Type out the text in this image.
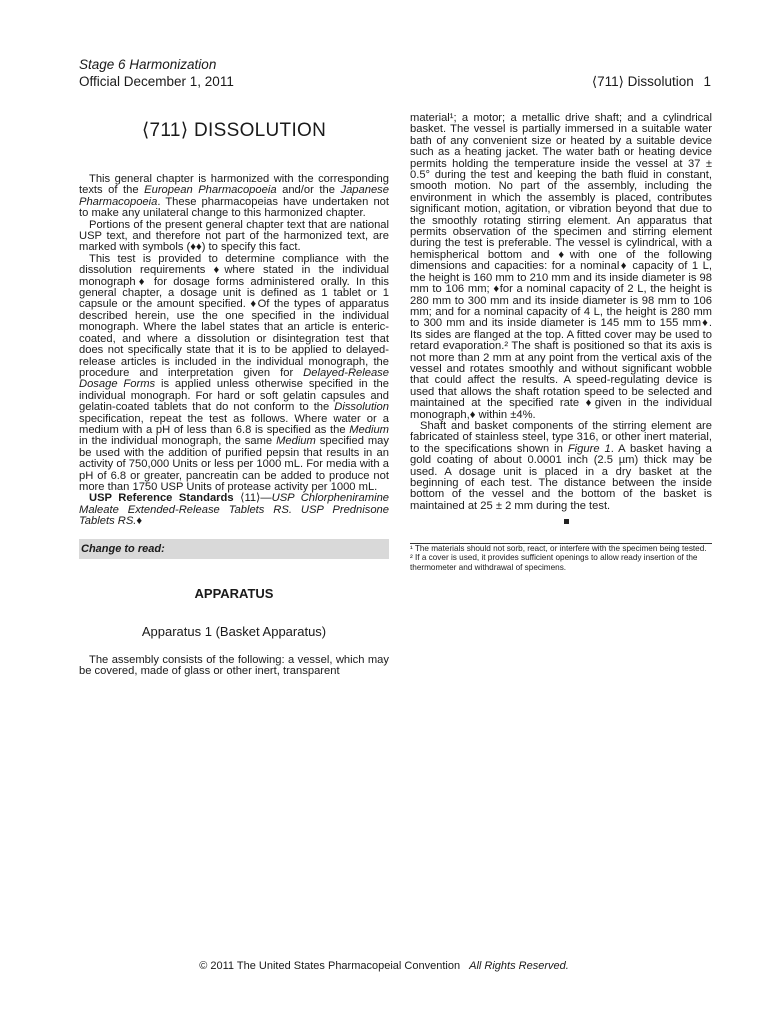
Stage 6 Harmonization
Official December 1, 2011	⟨711⟩ Dissolution 1
⟨711⟩ DISSOLUTION

This general chapter is harmonized with the corresponding texts of the European Pharmacopoeia and/or the Japanese Pharmacopoeia. These pharmacopeias have undertaken not to make any unilateral change to this harmonized chapter.

Portions of the present general chapter text that are national USP text, and therefore not part of the harmonized text, are marked with symbols (♦♦) to specify this fact.

This test is provided to determine compliance with the dissolution requirements ♦where stated in the individual monograph♦ for dosage forms administered orally. In this general chapter, a dosage unit is defined as 1 tablet or 1 capsule or the amount specified. ♦Of the types of apparatus described herein, use the one specified in the individual monograph. Where the label states that an article is enteric-coated, and where a dissolution or disintegration test that does not specifically state that it is to be applied to delayed-release articles is included in the individual monograph, the procedure and interpretation given for Delayed-Release Dosage Forms is applied unless otherwise specified in the individual monograph. For hard or soft gelatin capsules and gelatin-coated tablets that do not conform to the Dissolution specification, repeat the test as follows. Where water or a medium with a pH of less than 6.8 is specified as the Medium in the individual monograph, the same Medium specified may be used with the addition of purified pepsin that results in an activity of 750,000 Units or less per 1000 mL. For media with a pH of 6.8 or greater, pancreatin can be added to produce not more than 1750 USP Units of protease activity per 1000 mL.

USP Reference Standards ⟨11⟩—USP Chlorpheniramine Maleate Extended-Release Tablets RS. USP Prednisone Tablets RS.♦

Change to read:
APPARATUS
Apparatus 1 (Basket Apparatus)

The assembly consists of the following: a vessel, which may be covered, made of glass or other inert, transparent

material¹; a motor; a metallic drive shaft; and a cylindrical basket. The vessel is partially immersed in a suitable water bath of any convenient size or heated by a suitable device such as a heating jacket. The water bath or heating device permits holding the temperature inside the vessel at 37 ± 0.5° during the test and keeping the bath fluid in constant, smooth motion. No part of the assembly, including the environment in which the assembly is placed, contributes significant motion, agitation, or vibration beyond that due to the smoothly rotating stirring element. An apparatus that permits observation of the specimen and stirring element during the test is preferable. The vessel is cylindrical, with a hemispherical bottom and ♦with one of the following dimensions and capacities: for a nominal♦ capacity of 1 L, the height is 160 mm to 210 mm and its inside diameter is 98 mm to 106 mm; ♦for a nominal capacity of 2 L, the height is 280 mm to 300 mm and its inside diameter is 98 mm to 106 mm; and for a nominal capacity of 4 L, the height is 280 mm to 300 mm and its inside diameter is 145 mm to 155 mm♦. Its sides are flanged at the top. A fitted cover may be used to retard evaporation.² The shaft is positioned so that its axis is not more than 2 mm at any point from the vertical axis of the vessel and rotates smoothly and without significant wobble that could affect the results. A speed-regulating device is used that allows the shaft rotation speed to be selected and maintained at the specified rate ♦given in the individual monograph,♦ within ±4%.

Shaft and basket components of the stirring element are fabricated of stainless steel, type 316, or other inert material, to the specifications shown in Figure 1. A basket having a gold coating of about 0.0001 inch (2.5 µm) thick may be used. A dosage unit is placed in a dry basket at the beginning of each test. The distance between the inside bottom of the vessel and the bottom of the basket is maintained at 25 ± 2 mm during the test.

¹ The materials should not sorb, react, or interfere with the specimen being tested.

² If a cover is used, it provides sufficient openings to allow ready insertion of the thermometer and withdrawal of specimens.

© 2011 The United States Pharmacopeial Convention All Rights Reserved.
